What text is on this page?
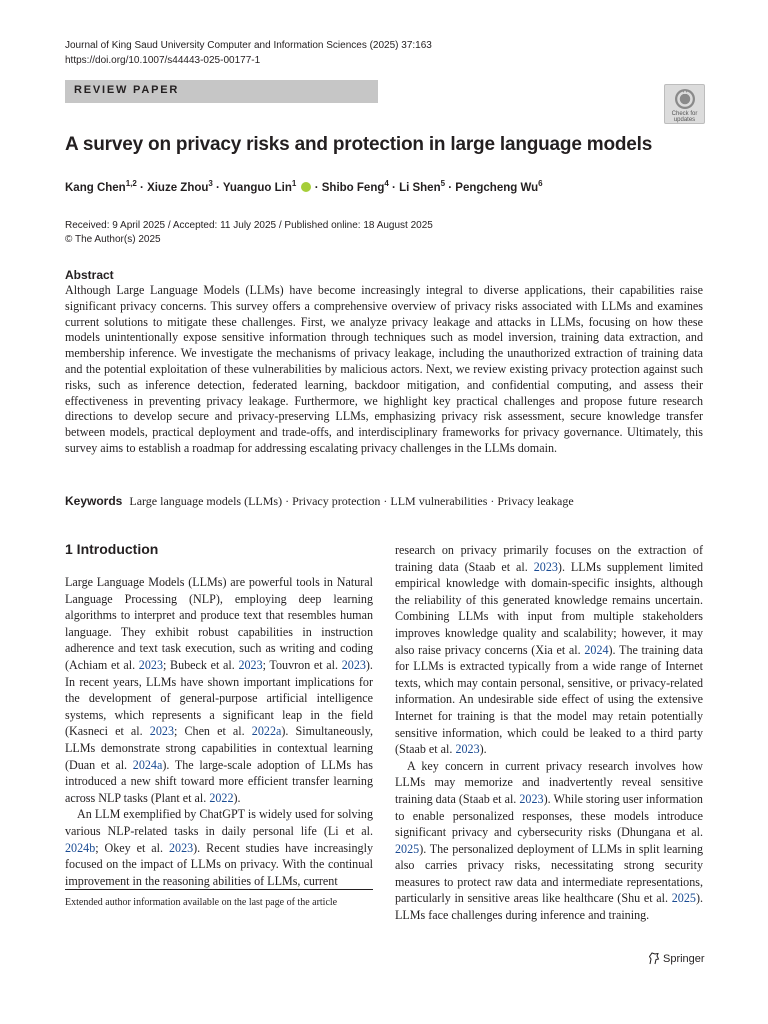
Journal of King Saud University Computer and Information Sciences (2025) 37:163
https://doi.org/10.1007/s44443-025-00177-1
REVIEW PAPER
Check for
updates
A survey on privacy risks and protection in large language models
Kang Chen$^{1,2}$ · Xiuze Zhou$^3$ · Yuanguo Lin$^1$  · Shibo Feng$^4$ · Li Shen$^5$ · Pengcheng Wu$^6$
Received: 9 April 2025 / Accepted: 11 July 2025 / Published online: 18 August 2025
© The Author(s) 2025
Abstract
Although Large Language Models (LLMs) have become increasingly integral to diverse applications, their capabilities raise significant privacy concerns. This survey offers a comprehensive overview of privacy risks associated with LLMs and examines current solutions to mitigate these challenges. First, we analyze privacy leakage and attacks in LLMs, focusing on how these models unintentionally expose sensitive information through techniques such as model inversion, training data extraction, and membership inference. We investigate the mechanisms of privacy leakage, including the unauthorized extraction of training data and the potential exploitation of these vulnerabilities by malicious actors. Next, we review existing privacy protection against such risks, such as inference detection, federated learning, backdoor mitigation, and confidential computing, and assess their effectiveness in preventing privacy leakage. Furthermore, we highlight key practical challenges and propose future research directions to develop secure and privacy-preserving LLMs, emphasizing privacy risk assessment, secure knowledge transfer between models, practical deployment and trade-offs, and interdisciplinary frameworks for privacy governance. Ultimately, this survey aims to establish a roadmap for addressing escalating privacy challenges in the LLMs domain.
Keywords Large language models (LLMs) · Privacy protection · LLM vulnerabilities · Privacy leakage
1 Introduction

Large Language Models (LLMs) are powerful tools in Natural Language Processing (NLP), employing deep learning algorithms to interpret and produce text that resembles human language. They exhibit robust capabilities in instruction adherence and text task execution, such as writing and coding (Achiam et al. 2023; Bubeck et al. 2023; Touvron et al. 2023). In recent years, LLMs have shown important implications for the development of general-purpose artificial intelligence systems, which represents a significant leap in the field (Kasneci et al. 2023; Chen et al. 2022a). Simultaneously, LLMs demonstrate strong capabilities in contextual learning (Duan et al. 2024a). The large-scale adoption of LLMs has introduced a new shift toward more efficient transfer learning across NLP tasks (Plant et al. 2022).

An LLM exemplified by ChatGPT is widely used for solving various NLP-related tasks in daily personal life (Li et al. 2024b; Okey et al. 2023). Recent studies have increasingly focused on the impact of LLMs on privacy. With the continual improvement in the reasoning abilities of LLMs, current

research on privacy primarily focuses on the extraction of training data (Staab et al. 2023). LLMs supplement limited empirical knowledge with domain-specific insights, although the reliability of this generated knowledge remains uncertain. Combining LLMs with input from multiple stakeholders improves knowledge quality and scalability; however, it may also raise privacy concerns (Xia et al. 2024). The training data for LLMs is extracted typically from a wide range of Internet texts, which may contain personal, sensitive, or privacy-related information. An undesirable side effect of using the extensive Internet for training is that the model may retain potentially sensitive information, which could be leaked to a third party (Staab et al. 2023).

A key concern in current privacy research involves how LLMs may memorize and inadvertently reveal sensitive training data (Staab et al. 2023). While storing user information to enable personalized responses, these models introduce significant privacy and cybersecurity risks (Dhungana et al. 2025). The personalized deployment of LLMs in split learning also carries privacy risks, necessitating strong security measures to protect raw data and intermediate representations, particularly in sensitive areas like healthcare (Shu et al. 2025). LLMs face challenges during inference and training.

Extended author information available on the last page of the article
Springer
